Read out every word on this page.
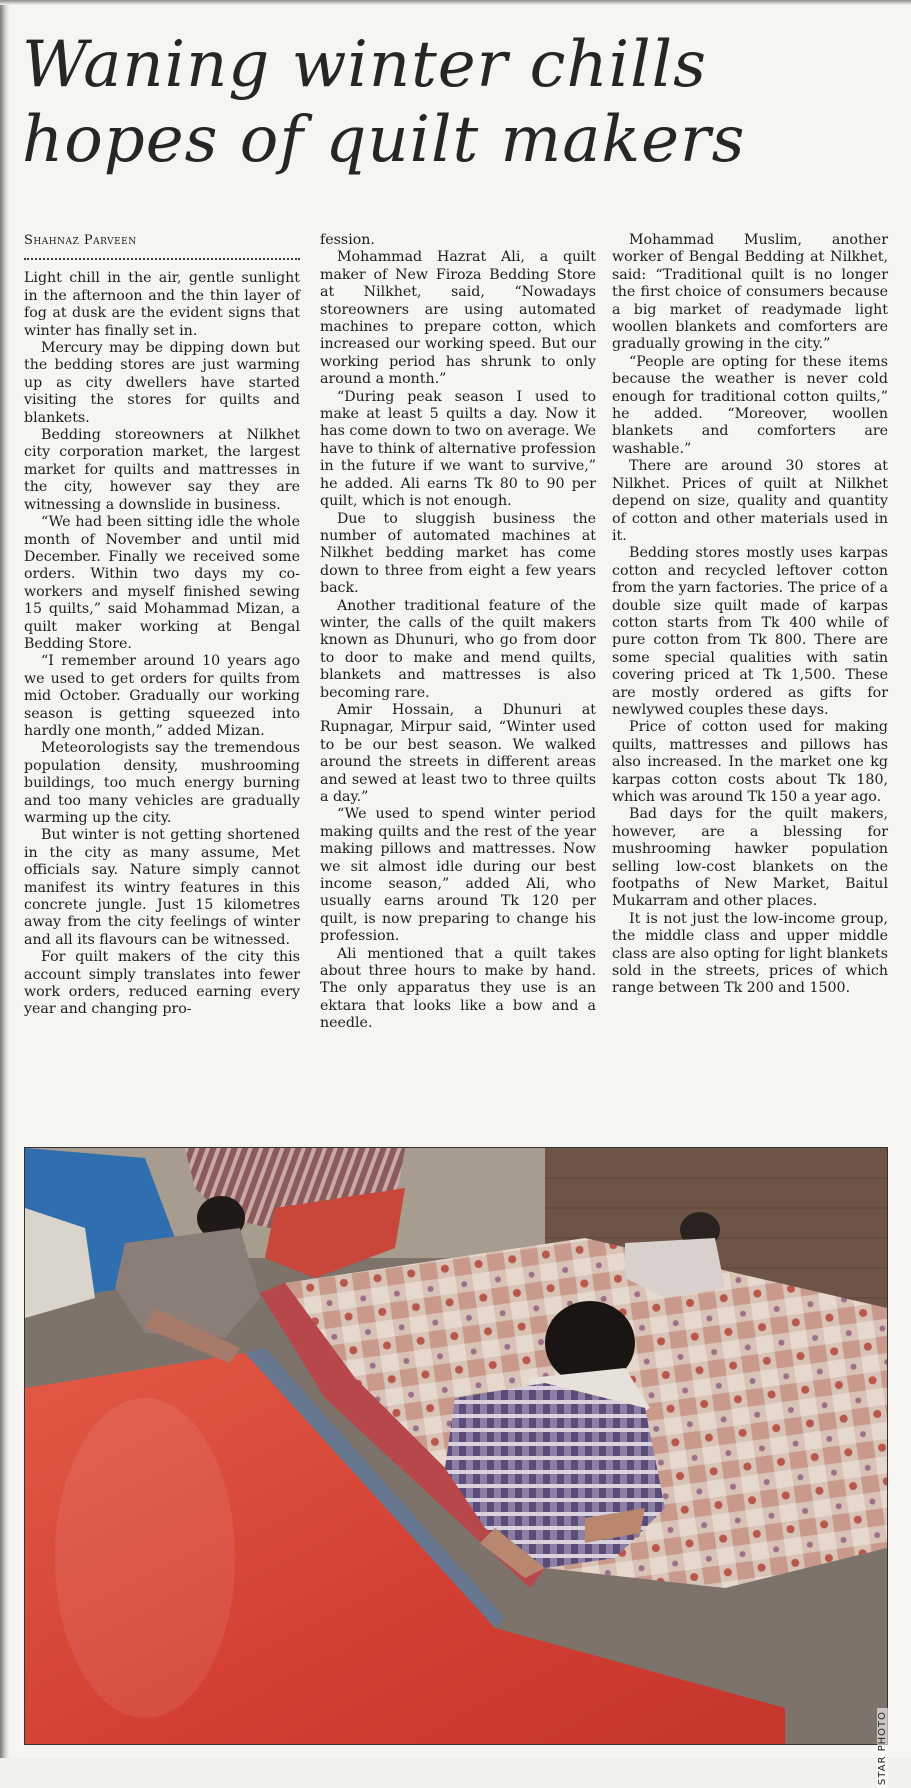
Waning winter chills
hopes of quilt makers
Shahnaz Parveen

Light chill in the air, gentle sunlight in the afternoon and the thin layer of fog at dusk are the evident signs that winter has finally set in.

Mercury may be dipping down but the bedding stores are just warming up as city dwellers have started visiting the stores for quilts and blankets.

Bedding storeowners at Nilkhet city corporation market, the largest market for quilts and mattresses in the city, however say they are witnessing a downslide in business.

“We had been sitting idle the whole month of November and until mid December. Finally we received some orders. Within two days my co-workers and myself finished sewing 15 quilts,” said Mohammad Mizan, a quilt maker working at Bengal Bedding Store.

“I remember around 10 years ago we used to get orders for quilts from mid October. Gradually our working season is getting squeezed into hardly one month,” added Mizan.

Meteorologists say the tremendous population density, mushrooming buildings, too much energy burning and too many vehicles are gradually warming up the city.

But winter is not getting shortened in the city as many assume, Met officials say. Nature simply cannot manifest its wintry features in this concrete jungle. Just 15 kilometres away from the city feelings of winter and all its flavours can be witnessed.

For quilt makers of the city this account simply translates into fewer work orders, reduced earning every year and changing pro-

fession.

Mohammad Hazrat Ali, a quilt maker of New Firoza Bedding Store at Nilkhet, said, “Nowadays storeowners are using automated machines to prepare cotton, which increased our working speed. But our working period has shrunk to only around a month.”

“During peak season I used to make at least 5 quilts a day. Now it has come down to two on average. We have to think of alternative profession in the future if we want to survive,” he added. Ali earns Tk 80 to 90 per quilt, which is not enough.

Due to sluggish business the number of automated machines at Nilkhet bedding market has come down to three from eight a few years back.

Another traditional feature of the winter, the calls of the quilt makers known as Dhunuri, who go from door to door to make and mend quilts, blankets and mattresses is also becoming rare.

Amir Hossain, a Dhunuri at Rupnagar, Mirpur said, “Winter used to be our best season. We walked around the streets in different areas and sewed at least two to three quilts a day.”

“We used to spend winter period making quilts and the rest of the year making pillows and mattresses. Now we sit almost idle during our best income season,” added Ali, who usually earns around Tk 120 per quilt, is now preparing to change his profession.

Ali mentioned that a quilt takes about three hours to make by hand. The only apparatus they use is an ektara that looks like a bow and a needle.

Mohammad Muslim, another worker of Bengal Bedding at Nilkhet, said: “Traditional quilt is no longer the first choice of consumers because a big market of readymade light woollen blankets and comforters are gradually growing in the city.”

“People are opting for these items because the weather is never cold enough for traditional cotton quilts,” he added. “Moreover, woollen blankets and comforters are washable.”

There are around 30 stores at Nilkhet. Prices of quilt at Nilkhet depend on size, quality and quantity of cotton and other materials used in it.

Bedding stores mostly uses karpas cotton and recycled leftover cotton from the yarn factories. The price of a double size quilt made of karpas cotton starts from Tk 400 while of pure cotton from Tk 800. There are some special qualities with satin covering priced at Tk 1,500. These are mostly ordered as gifts for newlywed couples these days.

Price of cotton used for making quilts, mattresses and pillows has also increased. In the market one kg karpas cotton costs about Tk 180, which was around Tk 150 a year ago.

Bad days for the quilt makers, however, are a blessing for mushrooming hawker population selling low-cost blankets on the footpaths of New Market, Baitul Mukarram and other places.

It is not just the low-income group, the middle class and upper middle class are also opting for light blankets sold in the streets, prices of which range between Tk 200 and 1500.

STAR PHOTO
